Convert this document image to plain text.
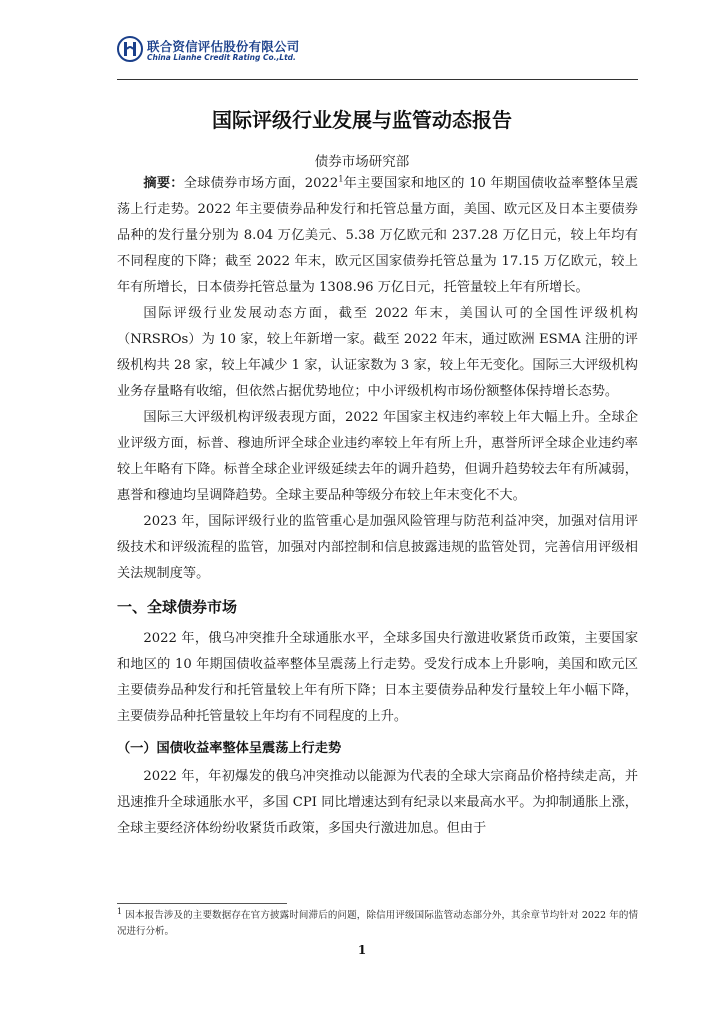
联合资信评估股份有限公司
China Lianhe Credit Rating Co.,Ltd.
国际评级行业发展与监管动态报告
债券市场研究部

摘要：全球债券市场方面，2022$^1$年主要国家和地区的 10 年期国债收益率整体呈震荡上行走势。2022 年主要债券品种发行和托管总量方面，美国、欧元区及日本主要债券品种的发行量分别为 8.04 万亿美元、5.38 万亿欧元和 237.28 万亿日元，较上年均有不同程度的下降；截至 2022 年末，欧元区国家债券托管总量为 17.15 万亿欧元，较上年有所增长，日本债券托管总量为 1308.96 万亿日元，托管量较上年有所增长。

国际评级行业发展动态方面，截至 2022 年末，美国认可的全国性评级机构（NRSROs）为 10 家，较上年新增一家。截至 2022 年末，通过欧洲 ESMA 注册的评级机构共 28 家，较上年减少 1 家，认证家数为 3 家，较上年无变化。国际三大评级机构业务存量略有收缩，但依然占据优势地位；中小评级机构市场份额整体保持增长态势。

国际三大评级机构评级表现方面，2022 年国家主权违约率较上年大幅上升。全球企业评级方面，标普、穆迪所评全球企业违约率较上年有所上升，惠誉所评全球企业违约率较上年略有下降。标普全球企业评级延续去年的调升趋势，但调升趋势较去年有所减弱，惠誉和穆迪均呈调降趋势。全球主要品种等级分布较上年末变化不大。

2023 年，国际评级行业的监管重心是加强风险管理与防范利益冲突，加强对信用评级技术和评级流程的监管，加强对内部控制和信息披露违规的监管处罚，完善信用评级相关法规制度等。

一、全球债券市场

2022 年，俄乌冲突推升全球通胀水平，全球多国央行激进收紧货币政策，主要国家和地区的 10 年期国债收益率整体呈震荡上行走势。受发行成本上升影响，美国和欧元区主要债券品种发行和托管量较上年有所下降；日本主要债券品种发行量较上年小幅下降，主要债券品种托管量较上年均有不同程度的上升。

（一）国债收益率整体呈震荡上行走势

2022 年，年初爆发的俄乌冲突推动以能源为代表的全球大宗商品价格持续走高，并迅速推升全球通胀水平，多国 CPI 同比增速达到有纪录以来最高水平。为抑制通胀上涨，全球主要经济体纷纷收紧货币政策，多国央行激进加息。但由于

$^1$ 因本报告涉及的主要数据存在官方披露时间滞后的问题，除信用评级国际监管动态部分外，其余章节均针对 2022 年的情况进行分析。
1
